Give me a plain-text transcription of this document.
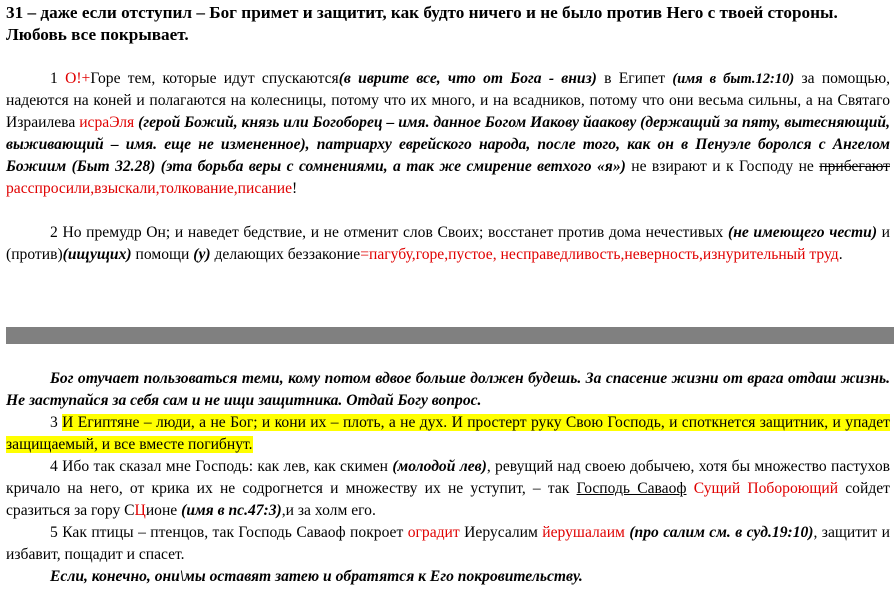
31 – даже если отступил – Бог примет и защитит, как будто ничего и не было против Него с твоей стороны. Любовь все покрывает.
1 О!+Горе тем, которые идут спускаются(в иврите все, что от Бога - вниз) в Египет (имя в быт.12:10) за помощью, надеются на коней и полагаются на колесницы, потому что их много, и на всадников, потому что они весьма сильны, а на Святаго Израилева исраЭля (герой Божий, князь или Богоборец – имя. данное Богом Иакову йаакову (держащий за пяту, вытесняющий, выживающий – имя. еще не измененное), патриарху еврейского народа, после того, как он в Пенуэле боролся с Ангелом Божиим (Быт 32.28) (эта борьба веры с сомнениями, а так же смирение ветхого «я») не взирают и к Господу не прибегают расспросили,взыскали,толкование,писание!
2 Но премудр Он; и наведет бедствие, и не отменит слов Своих; восстанет против дома нечестивых (не имеющего чести) и (против)(ищущих) помощи (у) делающих беззаконие=пагубу,горе,пустое, несправедливость,неверность,изнурительный труд.
Бог отучает пользоваться теми, кому потом вдвое больше должен будешь. За спасение жизни от врага отдаш жизнь. Не заступайся за себя сам и не ищи защитника. Отдай Богу вопрос.
3 И Египтяне – люди, а не Бог; и кони их – плоть, а не дух. И простерт руку Свою Господь, и споткнется защитник, и упадет защищаемый, и все вместе погибнут.
4 Ибо так сказал мне Господь: как лев, как скимен (молодой лев), ревущий над своею добычею, хотя бы множество пастухов кричало на него, от крика их не содрогнется и множеству их не уступит, – так Господь Саваоф Сущий Побороющий сойдет сразиться за гору СЦионе (имя в пс.47:3),и за холм его.
5 Как птицы – птенцов, так Господь Саваоф покроет оградит Иерусалим йерушалаим (про салим см. в суд.19:10), защитит и избавит, пощадит и спасет.
Если, конечно, они\мы оставят затею и обратятся к Его покровительству.
